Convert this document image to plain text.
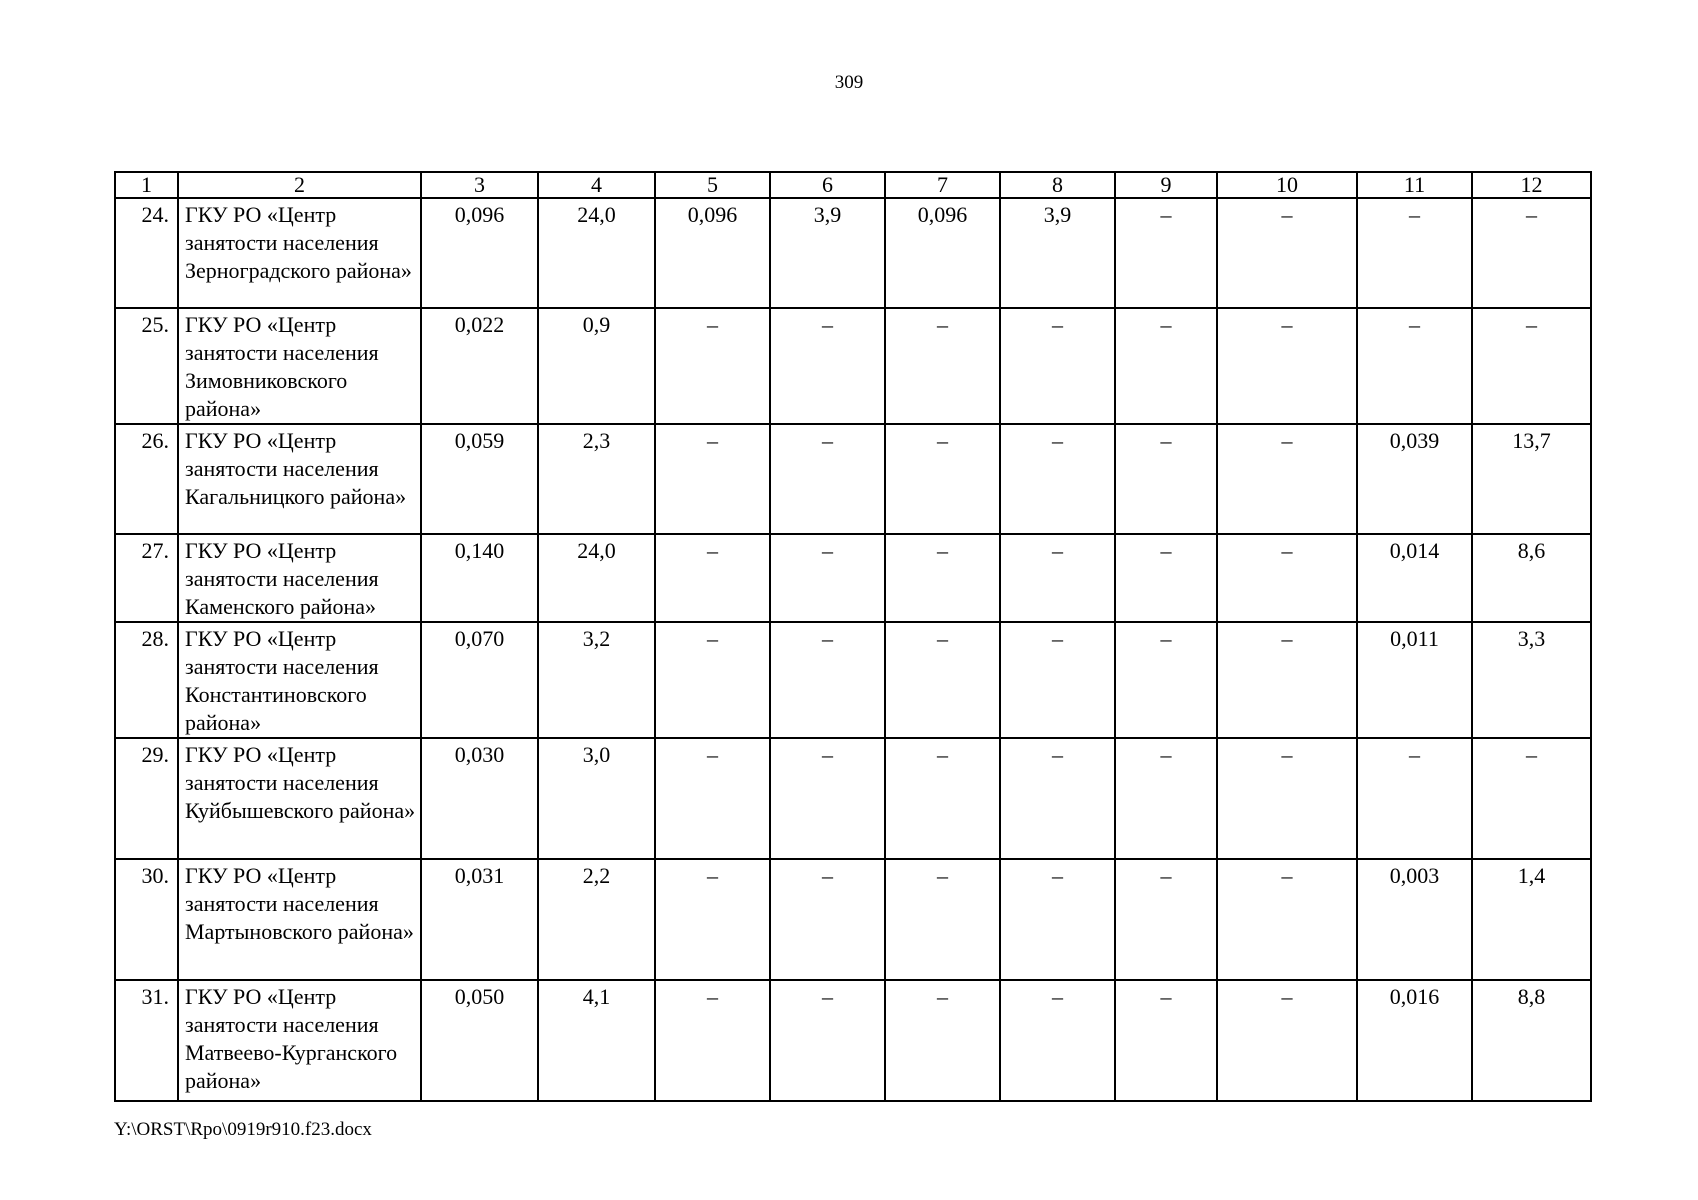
309
1	2	3	4	5	6	7	8	9	10	11	12
24.	ГКУ РО «Центр занятости населения Зерноградского района»	0,096	24,0	0,096	3,9	0,096	3,9	–	–	–	–
25.	ГКУ РО «Центр занятости населения Зимовниковского района»	0,022	0,9	–	–	–	–	–	–	–	–
26.	ГКУ РО «Центр занятости населения Кагальницкого района»	0,059	2,3	–	–	–	–	–	–	0,039	13,7
27.	ГКУ РО «Центр занятости населения Каменского района»	0,140	24,0	–	–	–	–	–	–	0,014	8,6
28.	ГКУ РО «Центр занятости населения Константиновского района»	0,070	3,2	–	–	–	–	–	–	0,011	3,3
29.	ГКУ РО «Центр занятости населения Куйбышевского района»	0,030	3,0	–	–	–	–	–	–	–	–
30.	ГКУ РО «Центр занятости населения Мартыновского района»	0,031	2,2	–	–	–	–	–	–	0,003	1,4
31.	ГКУ РО «Центр занятости населения Матвеево-Курганского района»	0,050	4,1	–	–	–	–	–	–	0,016	8,8
Y:\ORST\Rpo\0919r910.f23.docx
